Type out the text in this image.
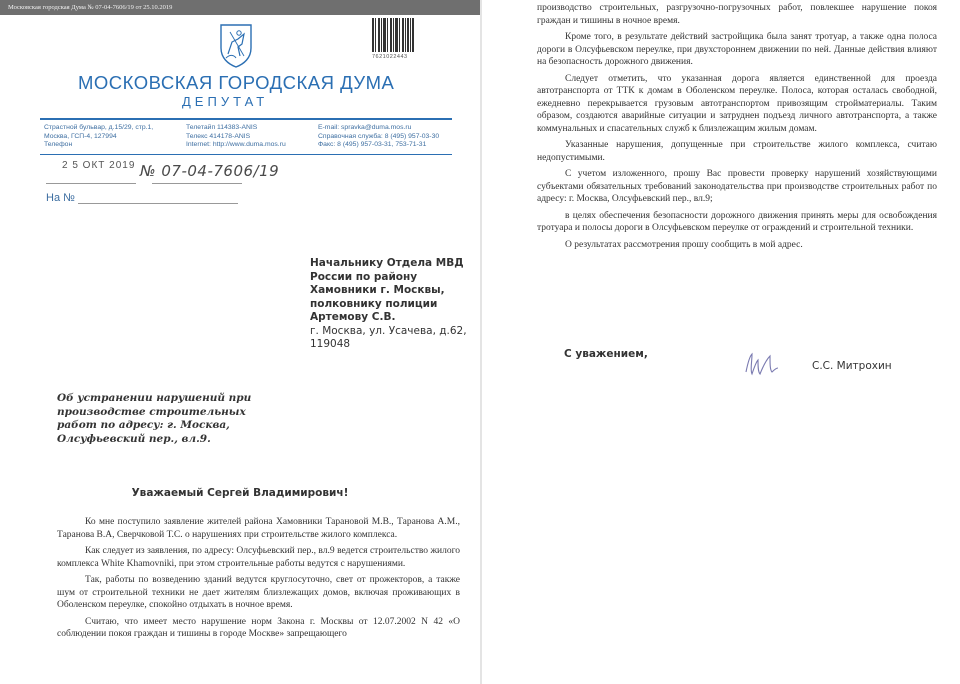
Московская городская Дума № 07-04-7606/19 от 25.10.2019
7621022443
МОСКОВСКАЯ ГОРОДСКАЯ ДУМА
ДЕПУТАТ
Страстной бульвар, д.15/29, стр.1,
Москва, ГСП-4, 127994
Телефон
Телетайп 114383-ANIS
Телекс 414178-ANIS
Internet: http://www.duma.mos.ru
E-mail: spravka@duma.mos.ru
Справочная служба: 8 (495) 957-03-30
Факс: 8 (495) 957-03-31, 753-71-31
2 5 ОКТ 2019 № 07-04-7606/19
На №
Начальнику Отдела МВД
России по району
Хамовники г. Москвы,
полковнику полиции
Артемову С.В.
г. Москва, ул. Усачева, д.62,
119048
Об устранении нарушений при
производстве строительных
работ по адресу: г. Москва,
Олсуфьевский пер., вл.9.
Уважаемый Сергей Владимирович!

Ко мне поступило заявление жителей района Хамовники Тарановой М.В., Таранова А.М., Таранова В.А, Сверчковой Т.С. о нарушениях при строительстве жилого комплекса.

Как следует из заявления, по адресу: Олсуфьевский пер., вл.9 ведется строительство жилого комплекса White Khamovniki, при этом строительные работы ведутся с нарушениями.

Так, работы по возведению зданий ведутся круглосуточно, свет от прожекторов, а также шум от строительной техники не дает жителям близлежащих домов, включая проживающих в Оболенском переулке, спокойно отдыхать в ночное время.

Считаю, что имеет место нарушение норм Закона г. Москвы от 12.07.2002 N 42 «О соблюдении покоя граждан и тишины в городе Москве» запрещающего

производство строительных, разгрузочно-погрузочных работ, повлекшее нарушение покоя граждан и тишины в ночное время.

Кроме того, в результате действий застройщика была занят тротуар, а также одна полоса дороги в Олсуфьевском переулке, при двухстороннем движении по ней. Данные действия влияют на безопасность дорожного движения.

Следует отметить, что указанная дорога является единственной для проезда автотранспорта от ТТК к домам в Оболенском переулке. Полоса, которая осталась свободной, ежедневно перекрывается грузовым автотранспортом привозящим стройматериалы. Таким образом, создаются аварийные ситуации и затруднен подъезд личного автотранспорта, а также коммунальных и спасательных служб к близлежащим жилым домам.

Указанные нарушения, допущенные при строительстве жилого комплекса, считаю недопустимыми.

С учетом изложенного, прошу Вас провести проверку нарушений хозяйствующими субъектами обязательных требований законодательства при производстве строительных работ по адресу: г. Москва, Олсуфьевский пер., вл.9;

в целях обеспечения безопасности дорожного движения принять меры для освобождения тротуара и полосы дороги в Олсуфьевском переулке от ограждений и строительной техники.

О результатах рассмотрения прошу сообщить в мой адрес.

С уважением,
С.С. Митрохин
